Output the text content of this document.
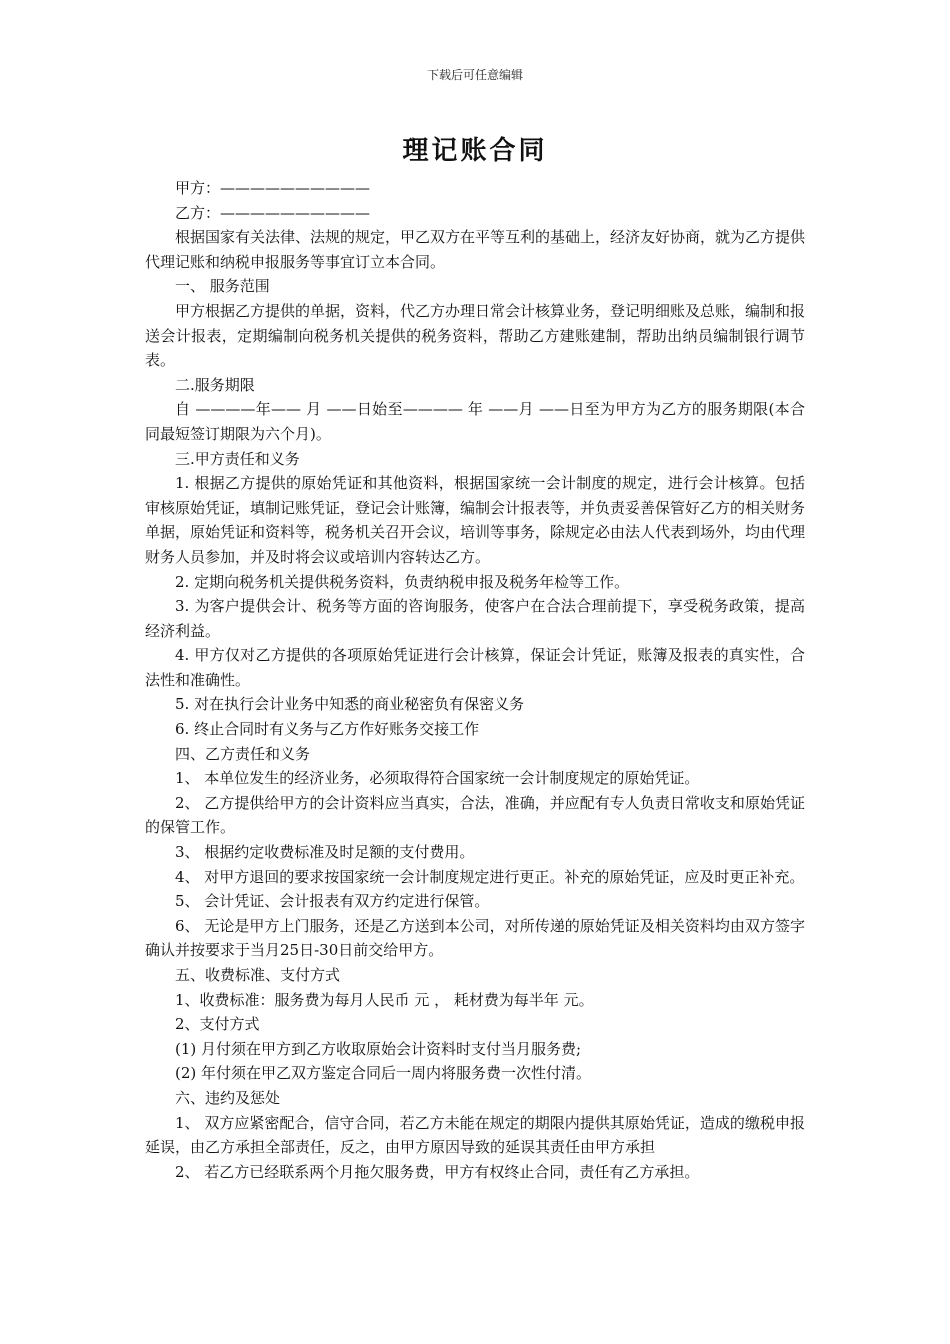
下载后可任意编辑
理记账合同

甲方：——————————

乙方：——————————

根据国家有关法律、法规的规定，甲乙双方在平等互利的基础上，经济友好协商，就为乙方提供代理记账和纳税申报服务等事宜订立本合同。

一、 服务范围

甲方根据乙方提供的单据，资料，代乙方办理日常会计核算业务，登记明细账及总账，编制和报送会计报表，定期编制向税务机关提供的税务资料，帮助乙方建账建制，帮助出纳员编制银行调节表。

二.服务期限

自 ————年—— 月 ——日始至———— 年 ——月 ——日至为甲方为乙方的服务期限(本合同最短签订期限为六个月)。

三.甲方责任和义务

1. 根据乙方提供的原始凭证和其他资料，根据国家统一会计制度的规定，进行会计核算。包括审核原始凭证，填制记账凭证，登记会计账簿，编制会计报表等，并负责妥善保管好乙方的相关财务单据，原始凭证和资料等，税务机关召开会议，培训等事务，除规定必由法人代表到场外，均由代理财务人员参加，并及时将会议或培训内容转达乙方。

2. 定期向税务机关提供税务资料，负责纳税申报及税务年检等工作。

3. 为客户提供会计、税务等方面的咨询服务，使客户在合法合理前提下，享受税务政策，提高经济利益。

4. 甲方仅对乙方提供的各项原始凭证进行会计核算，保证会计凭证，账簿及报表的真实性，合法性和准确性。

5. 对在执行会计业务中知悉的商业秘密负有保密义务

6. 终止合同时有义务与乙方作好账务交接工作

四、乙方责任和义务

1、 本单位发生的经济业务，必须取得符合国家统一会计制度规定的原始凭证。

2、 乙方提供给甲方的会计资料应当真实，合法，准确，并应配有专人负责日常收支和原始凭证的保管工作。

3、 根据约定收费标准及时足额的支付费用。

4、 对甲方退回的要求按国家统一会计制度规定进行更正。补充的原始凭证，应及时更正补充。

5、 会计凭证、会计报表有双方约定进行保管。

6、 无论是甲方上门服务，还是乙方送到本公司，对所传递的原始凭证及相关资料均由双方签字确认并按要求于当月25日-30日前交给甲方。

五、收费标准、支付方式

1、收费标准：服务费为每月人民币 元 ， 耗材费为每半年 元。

2、支付方式

(1) 月付须在甲方到乙方收取原始会计资料时支付当月服务费;

(2) 年付须在甲乙双方鉴定合同后一周内将服务费一次性付清。

六、违约及惩处

1、 双方应紧密配合，信守合同，若乙方未能在规定的期限内提供其原始凭证，造成的缴税申报延误，由乙方承担全部责任，反之，由甲方原因导致的延误其责任由甲方承担

2、 若乙方已经联系两个月拖欠服务费，甲方有权终止合同，责任有乙方承担。
